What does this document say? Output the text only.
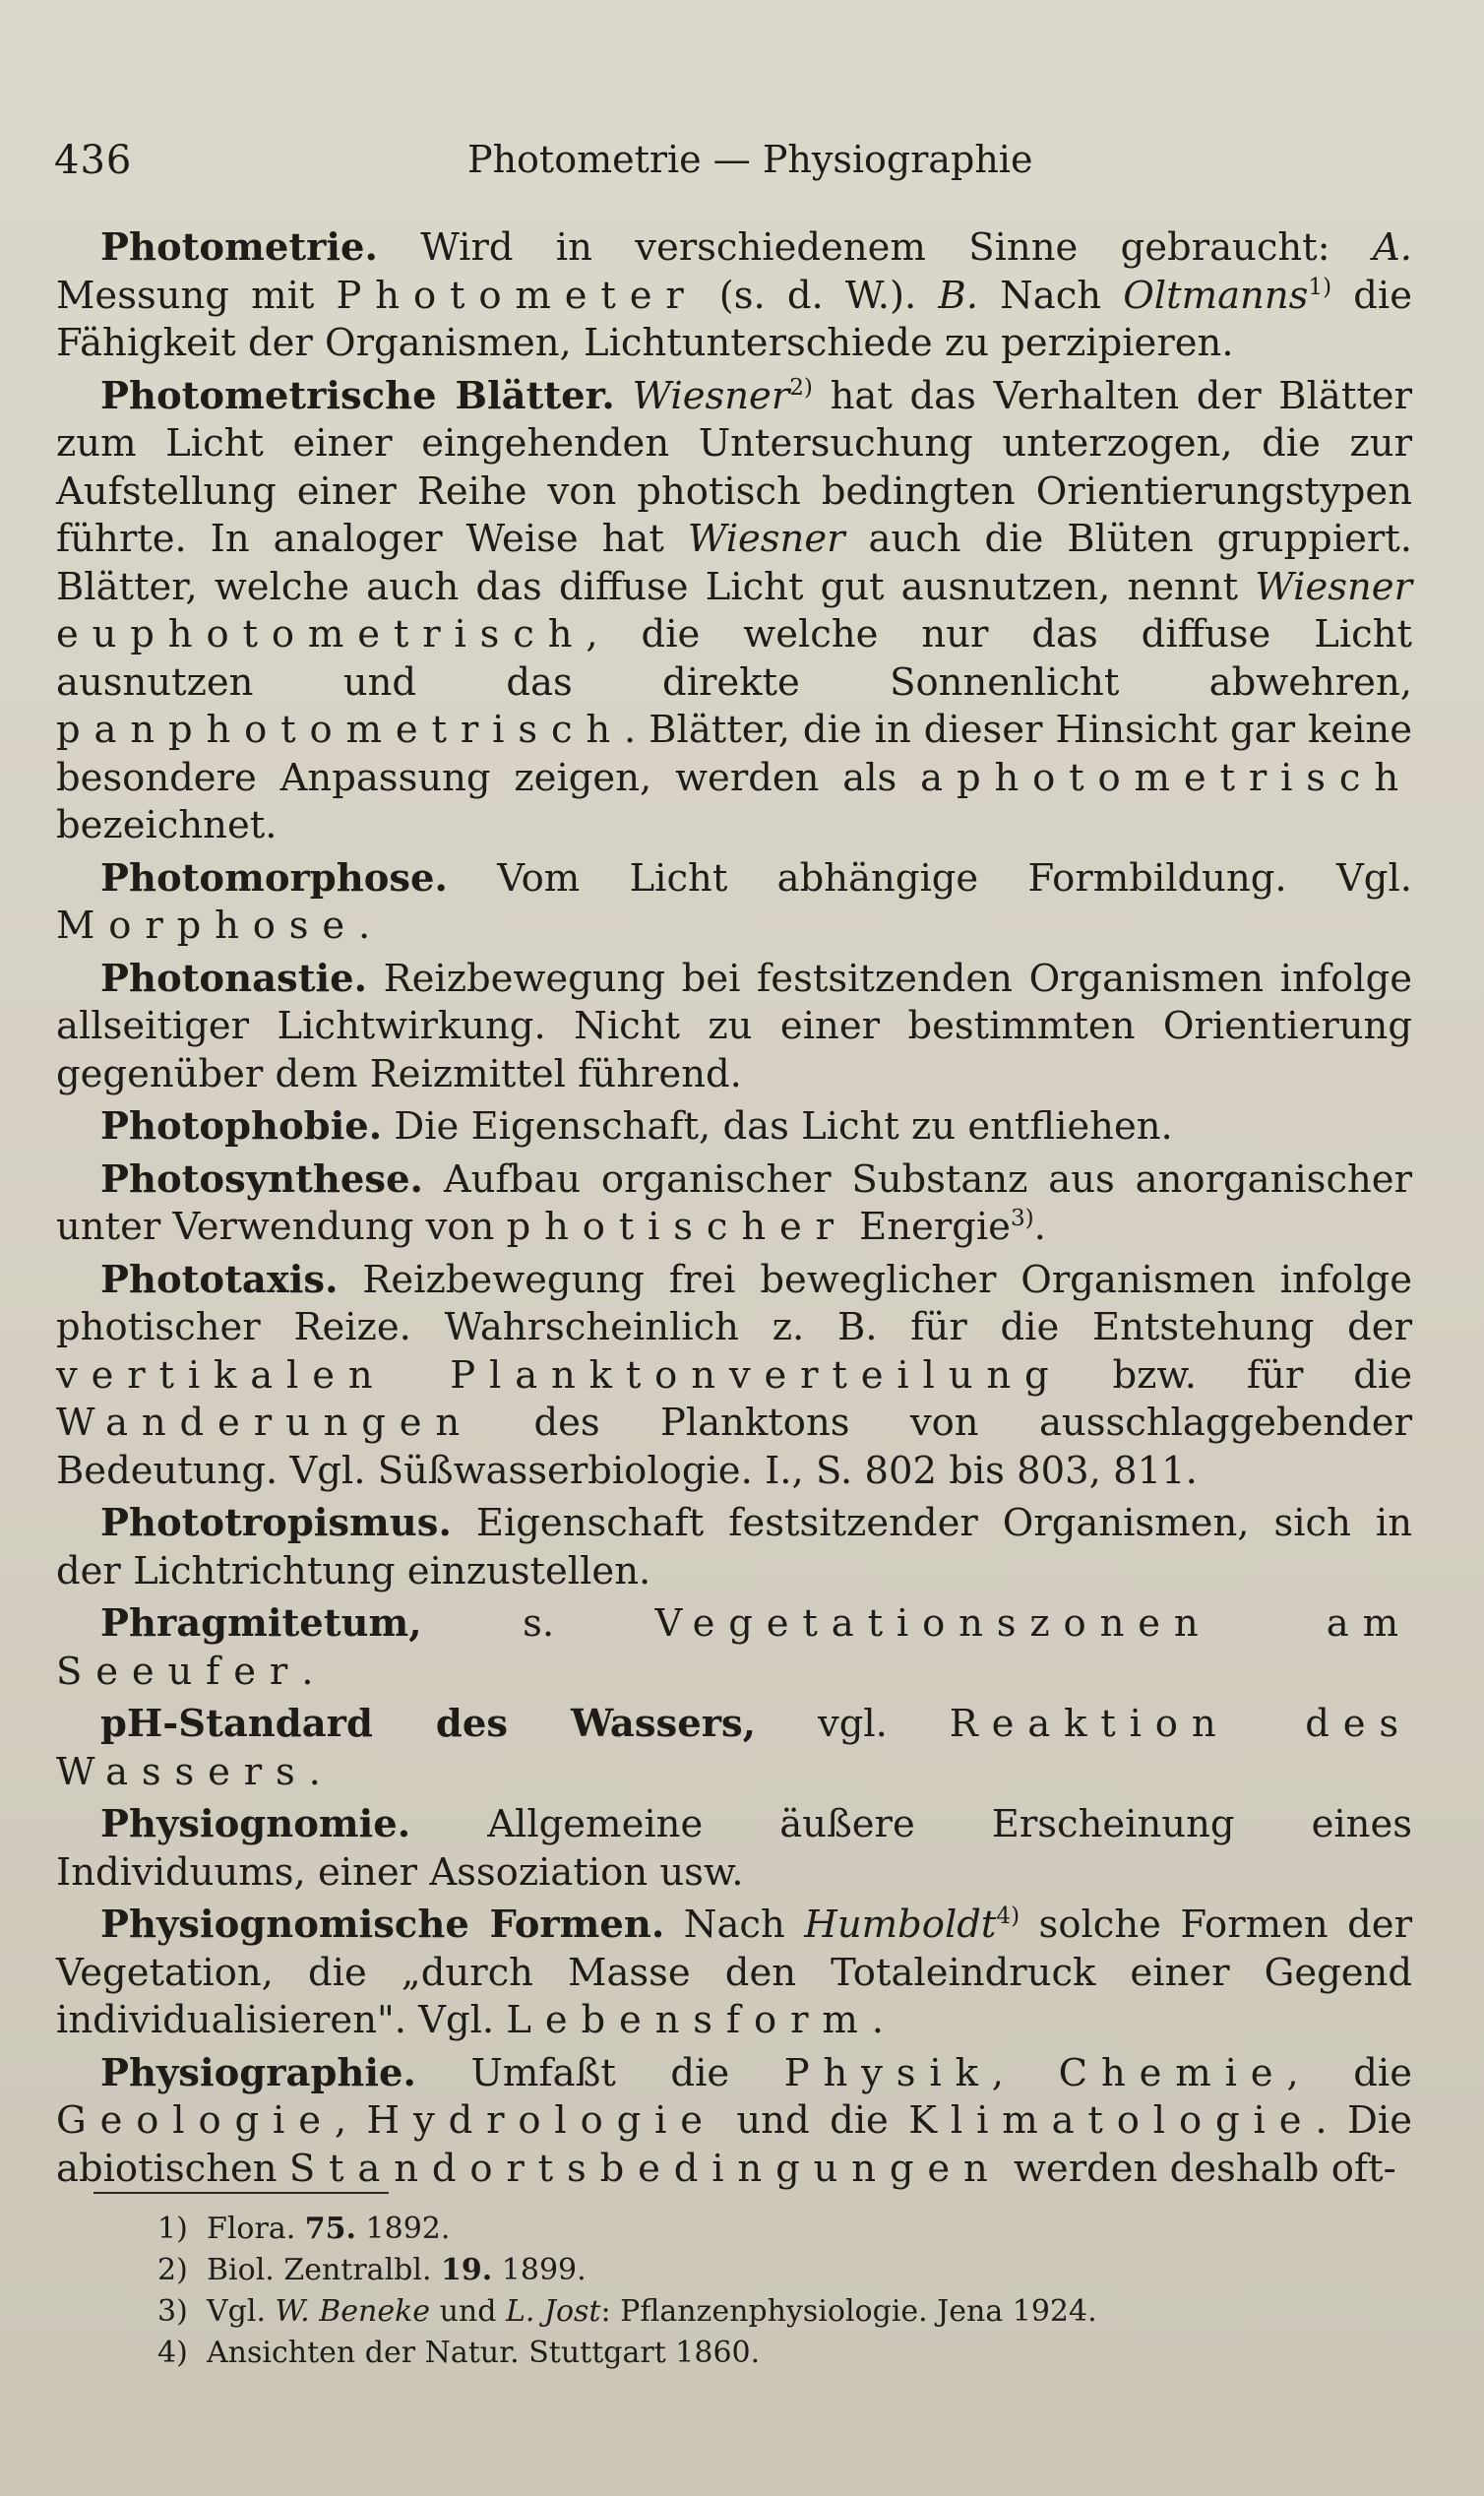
436	Photometrie — Physiographie

Photometrie. Wird in verschiedenem Sinne gebraucht: A. Messung mit Photometer (s. d. W.). B. Nach Oltmanns$^{1)}$ die Fähigkeit der Organismen, Lichtunterschiede zu perzipieren.

Photometrische Blätter. Wiesner$^{2)}$ hat das Verhalten der Blätter zum Licht einer eingehenden Untersuchung unterzogen, die zur Aufstellung einer Reihe von photisch bedingten Orientierungstypen führte. In analoger Weise hat Wiesner auch die Blüten gruppiert. Blätter, welche auch das diffuse Licht gut ausnutzen, nennt Wiesner euphotometrisch, die welche nur das diffuse Licht ausnutzen und das direkte Sonnenlicht abwehren, panphotometrisch. Blätter, die in dieser Hinsicht gar keine besondere Anpassung zeigen, werden als aphotometrisch bezeichnet.

Photomorphose. Vom Licht abhängige Formbildung. Vgl. Morphose.

Photonastie. Reizbewegung bei festsitzenden Organismen infolge allseitiger Lichtwirkung. Nicht zu einer bestimmten Orientierung gegenüber dem Reizmittel führend.

Photophobie. Die Eigenschaft, das Licht zu entfliehen.

Photosynthese. Aufbau organischer Substanz aus anorganischer unter Verwendung von photischer Energie$^{3)}$.

Phototaxis. Reizbewegung frei beweglicher Organismen infolge photischer Reize. Wahrscheinlich z. B. für die Entstehung der vertikalen Planktonverteilung bzw. für die Wanderungen des Planktons von ausschlaggebender Bedeutung. Vgl. Süßwasserbiologie. I., S. 802 bis 803, 811.

Phototropismus. Eigenschaft festsitzender Organismen, sich in der Lichtrichtung einzustellen.

Phragmitetum, s. Vegetationszonen am Seeufer.

pH-Standard des Wassers, vgl. Reaktion des Wassers.

Physiognomie. Allgemeine äußere Erscheinung eines Individuums, einer Assoziation usw.

Physiognomische Formen. Nach Humboldt$^{4)}$ solche Formen der Vegetation, die „durch Masse den Totaleindruck einer Gegend individualisieren". Vgl. Lebensform.

Physiographie. Umfaßt die Physik, Chemie, die Geologie, Hydrologie und die Klimatologie. Die abiotischen Standortsbedingungen werden deshalb oft-

1) Flora. 75. 1892.
2) Biol. Zentralbl. 19. 1899.
3) Vgl. W. Beneke und L. Jost: Pflanzenphysiologie. Jena 1924.
4) Ansichten der Natur. Stuttgart 1860.
